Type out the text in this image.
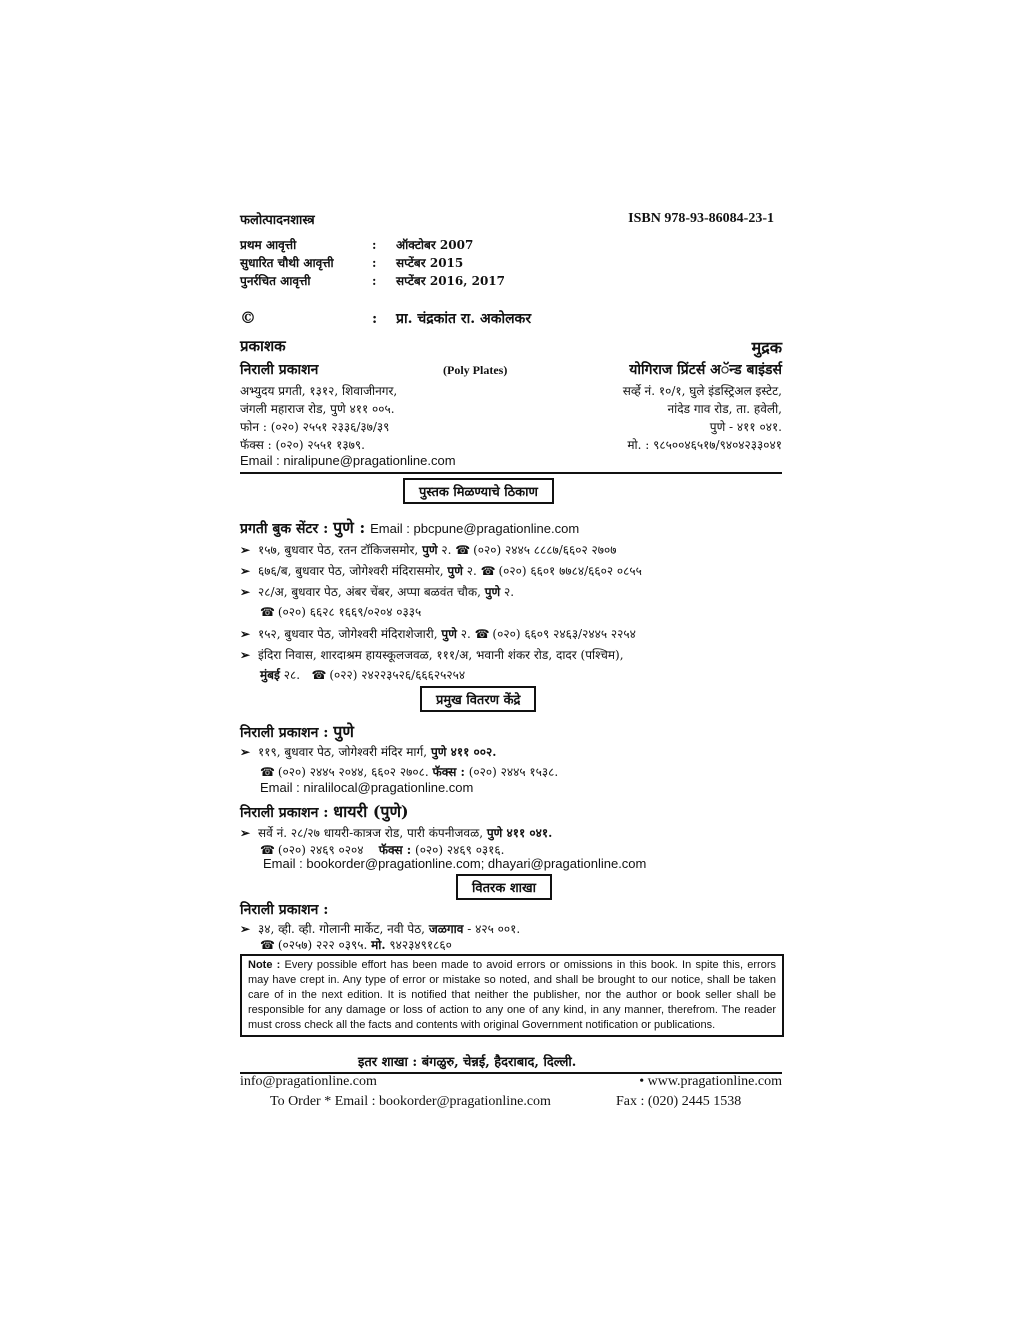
फलोत्पादनशास्त्र	ISBN 978-93-86084-23-1
प्रथम आवृत्ती	: ऑक्टोबर 2007
सुधारित चौथी आवृत्ती	: सप्टेंबर 2015
पुनर्रचित आवृत्ती	: सप्टेंबर 2016, 2017
©	: प्रा. चंद्रकांत रा. अकोलकर
प्रकाशक	मुद्रक
निराली प्रकाशन	(Poly Plates)	योगिराज प्रिंटर्स अॅन्ड बाइंडर्स
अभ्युदय प्रगती, १३१२, शिवाजीनगर,
जंगली महाराज रोड, पुणे ४११ ००५.
फोन : (०२०) २५५१ २३३६/३७/३९
फॅक्स : (०२०) २५५१ १३७९.
Email : niralipune@pragationline.com
सर्व्हे नं. १०/१, घुले इंडस्ट्रिअल इस्टेट,
नांदेड गाव रोड, ता. हवेली,
पुणे - ४११ ०४१.
मो. : ९८५००४६५१७/९४०४२३३०४१
पुस्तक मिळण्याचे ठिकाण
प्रगती बुक सेंटर : पुणे : Email : pbcpune@pragationline.com
➢ १५७, बुधवार पेठ, रतन टॉकिजसमोर, पुणे २. ☎ (०२०) २४४५ ८८८७/६६०२ २७०७
➢ ६७६/ब, बुधवार पेठ, जोगेश्वरी मंदिरासमोर, पुणे २. ☎ (०२०) ६६०१ ७७८४/६६०२ ०८५५
➢ २८/अ, बुधवार पेठ, अंबर चेंबर, अप्पा बळवंत चौक, पुणे २.
☎ (०२०) ६६२८ १६६९/०२०४ ०३३५
➢ १५२, बुधवार पेठ, जोगेश्वरी मंदिराशेजारी, पुणे २. ☎ (०२०) ६६०९ २४६३/२४४५ २२५४
➢ इंदिरा निवास, शारदाश्रम हायस्कूलजवळ, १११/अ, भवानी शंकर रोड, दादर (पश्चिम),
मुंबई २८. ☎ (०२२) २४२२३५२६/६६६२५२५४
प्रमुख वितरण केंद्रे
निराली प्रकाशन : पुणे
➢ ११९, बुधवार पेठ, जोगेश्वरी मंदिर मार्ग, पुणे ४११ ००२.
☎ (०२०) २४४५ २०४४, ६६०२ २७०८. फॅक्स : (०२०) २४४५ १५३८.
Email : niralilocal@pragationline.com
निराली प्रकाशन : धायरी (पुणे)
➢ सर्वे नं. २८/२७ धायरी-कात्रज रोड, पारी कंपनीजवळ, पुणे ४११ ०४१.
☎ (०२०) २४६९ ०२०४ फॅक्स : (०२०) २४६९ ०३१६.
Email : bookorder@pragationline.com; dhayari@pragationline.com
वितरक शाखा
निराली प्रकाशन :
➢ ३४, व्ही. व्ही. गोलानी मार्केट, नवी पेठ, जळगाव - ४२५ ००१.
☎ (०२५७) २२२ ०३९५. मो. ९४२३४९१८६०
Note : Every possible effort has been made to avoid errors or omissions in this book. In spite this, errors may have crept in. Any type of error or mistake so noted, and shall be brought to our notice, shall be taken care of in the next edition. It is notified that neither the publisher, nor the author or book seller shall be responsible for any damage or loss of action to any one of any kind, in any manner, therefrom. The reader must cross check all the facts and contents with original Government notification or publications.
इतर शाखा : बंगळुरु, चेन्नई, हैदराबाद, दिल्ली.
info@pragationline.com	• www.pragationline.com
To Order * Email : bookorder@pragationline.com	Fax : (020) 2445 1538
